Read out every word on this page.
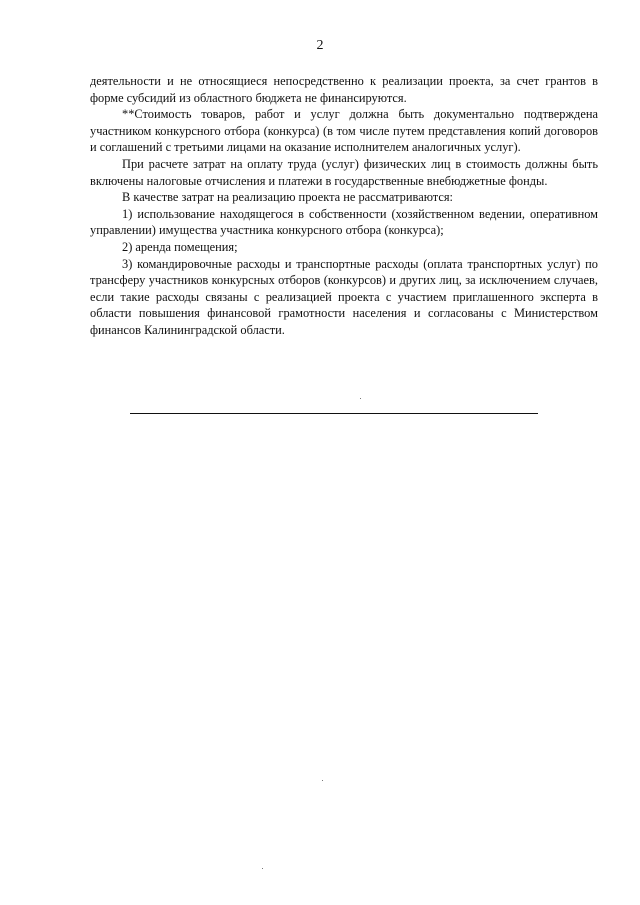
2

деятельности и не относящиеся непосредственно к реализации проекта, за счет грантов в форме субсидий из областного бюджета не финансируются.

**Стоимость товаров, работ и услуг должна быть документально подтверждена участником конкурсного отбора (конкурса) (в том числе путем представления копий договоров и соглашений с третьими лицами на оказание исполнителем аналогичных услуг).

При расчете затрат на оплату труда (услуг) физических лиц в стоимость должны быть включены налоговые отчисления и платежи в государственные внебюджетные фонды.

В качестве затрат на реализацию проекта не рассматриваются:

1) использование находящегося в собственности (хозяйственном ведении, оперативном управлении) имущества участника конкурсного отбора (конкурса);

2) аренда помещения;

3) командировочные расходы и транспортные расходы (оплата транспортных услуг) по трансферу участников конкурсных отборов (конкурсов) и других лиц, за исключением случаев, если такие расходы связаны с реализацией проекта с участием приглашенного эксперта в области повышения финансовой грамотности населения и согласованы с Министерством финансов Калининградской области.
